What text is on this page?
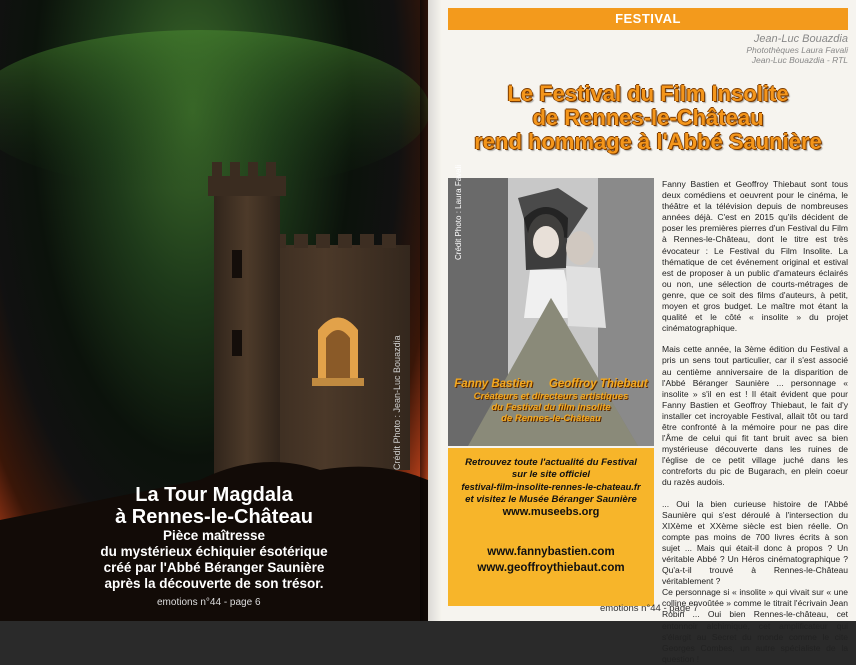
Crédit Photo : Jean-Luc Bouazdia
La Tour Magdala
à Rennes-le-Château
Pièce maîtresse
du mystérieux échiquier ésotérique
créé par l'Abbé Béranger Saunière
après la découverte de son trésor.
emotions n°44 - page 6
FESTIVAL
Jean-Luc Bouazdia
Photothèques Laura Favali
Jean-Luc Bouazdia - RTL
Le Festival du Film Insolite
de Rennes-le-Château
rend hommage à l'Abbé Saunière
Crédit Photo : Laura Favali
Fanny Bastien Geoffroy Thiebaut
Créateurs et directeurs artistiques
du Festival du film insolite
de Rennes-le-Château
Retrouvez toute l'actualité du Festival
sur le site officiel
festival-film-insolite-rennes-le-chateau.fr
et visitez le Musée Béranger Saunière
www.museebs.org
www.fannybastien.com
www.geoffroythiebaut.com

Fanny Bastien et Geoffroy Thiebaut sont tous deux comédiens et oeuvrent pour le cinéma, le théâtre et la télévision depuis de nombreuses années déjà. C'est en 2015 qu'ils décident de poser les premières pierres d'un Festival du Film à Rennes-le-Château, dont le titre est très évocateur : Le Festival du Film Insolite. La thématique de cet événement original et estival est de proposer à un public d'amateurs éclairés ou non, une sélection de courts-métrages de genre, que ce soit des films d'auteurs, à petit, moyen et gros budget. Le maître mot étant la qualité et le côté « insolite » du projet cinématographique.

Mais cette année, la 3ème édition du Festival a pris un sens tout particulier, car il s'est associé au centième anniversaire de la disparition de l'Abbé Béranger Saunière ... personnage « insolite » s'il en est ! Il était évident que pour Fanny Bastien et Geoffroy Thiebaut, le fait d'y installer cet incroyable Festival, allait tôt ou tard être confronté à la mémoire pour ne pas dire l'Âme de celui qui fit tant bruit avec sa bien mystérieuse découverte dans les ruines de l'église de ce petit village juché dans les contreforts du pic de Bugarach, en plein coeur du razès audois.

... Oui la bien curieuse histoire de l'Abbé Saunière qui s'est déroulé à l'intersection du XIXème et XXème siècle est bien réelle. On compte pas moins de 700 livres écrits à son sujet ... Mais qui était-il donc à propos ? Un véritable Abbé ? Un Héros cinématographique ? Qu'a-t-il trouvé à Rennes-le-Château véritablement ?

Ce personnage si « insolite » qui vivait sur « une colline envoûtée » comme le titrait l'écrivain Jean Robin ... Oui bien Rennes-le-château, cet entonnoir alchimique, cet amplificateur qui s'élargit au Secret du monde comme le cite Georges Combes, un autre spécialiste de la question !

emotions n°44 - page 7
